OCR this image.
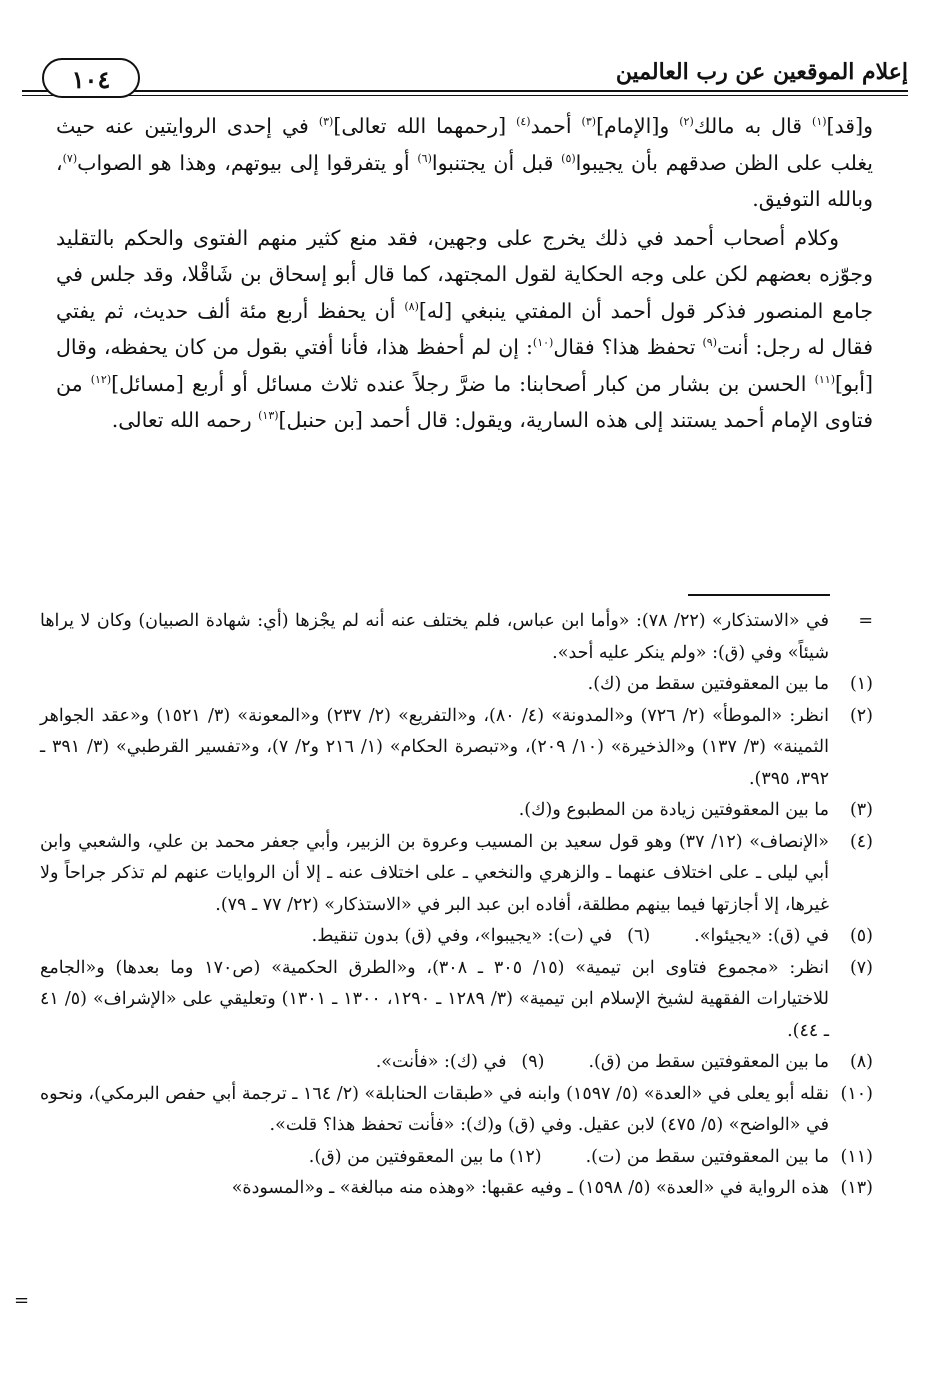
إعلام الموقعين عن رب العالمين
١٠٤

و[قد]$^{(١)}$ قال به مالك$^{(٢)}$ و[الإمام]$^{(٣)}$ أحمد$^{(٤)}$ [رحمهما الله تعالى]$^{(٣)}$ في إحدى الروايتين عنه حيث يغلب على الظن صدقهم بأن يجيبوا$^{(٥)}$ قبل أن يجتنبوا$^{(٦)}$ أو يتفرقوا إلى بيوتهم، وهذا هو الصواب$^{(٧)}$، وبالله التوفيق.

وكلام أصحاب أحمد في ذلك يخرج على وجهين، فقد منع كثير منهم الفتوى والحكم بالتقليد وجوّزه بعضهم لكن على وجه الحكاية لقول المجتهد، كما قال أبو إسحاق بن شَاقْلا، وقد جلس في جامع المنصور فذكر قول أحمد أن المفتي ينبغي [له]$^{(٨)}$ أن يحفظ أربع مئة ألف حديث، ثم يفتي فقال له رجل: أنت$^{(٩)}$ تحفظ هذا؟ فقال$^{(١٠)}$: إن لم أحفظ هذا، فأنا أفتي بقول من كان يحفظه، وقال [أبو]$^{(١١)}$ الحسن بن بشار من كبار أصحابنا: ما ضرَّ رجلاً عنده ثلاث مسائل أو أربع [مسائل]$^{(١٢)}$ من فتاوى الإمام أحمد يستند إلى هذه السارية، ويقول: قال أحمد [بن حنبل]$^{(١٣)}$ رحمه الله تعالى.

=
في «الاستذكار» (٢٢/ ٧٨): «وأما ابن عباس، فلم يختلف عنه أنه لم يجْزها (أي: شهادة الصبيان) وكان لا يراها شيئاً» وفي (ق): «ولم ينكر عليه أحد».
(١)
ما بين المعقوفتين سقط من (ك).
(٢)
انظر: «الموطأ» (٢/ ٧٢٦) و«المدونة» (٤/ ٨٠)، و«التفريع» (٢/ ٢٣٧) و«المعونة» (٣/ ١٥٢١) و«عقد الجواهر الثمينة» (٣/ ١٣٧) و«الذخيرة» (١٠/ ٢٠٩)، و«تبصرة الحكام» (١/ ٢١٦ و٢/ ٧)، و«تفسير القرطبي» (٣/ ٣٩١ ـ ٣٩٢، ٣٩٥).
(٣)
ما بين المعقوفتين زيادة من المطبوع و(ك).
(٤)
«الإنصاف» (١٢/ ٣٧) وهو قول سعيد بن المسيب وعروة بن الزبير، وأبي جعفر محمد بن علي، والشعبي وابن أبي ليلى ـ على اختلاف عنهما ـ والزهري والنخعي ـ على اختلاف عنه ـ إلا أن الروايات عنهم لم تذكر جراحاً ولا غيرها، إلا أجازتها فيما بينهم مطلقة، أفاده ابن عبد البر في «الاستذكار» (٢٢/ ٧٧ ـ ٧٩).
(٥)
في (ق): «يجيئوا».
(٦)
في (ت): «يجيبوا»، وفي (ق) بدون تنقيط.
(٧)
انظر: «مجموع فتاوى ابن تيمية» (١٥/ ٣٠٥ ـ ٣٠٨)، و«الطرق الحكمية» (ص١٧٠ وما بعدها) و«الجامع للاختيارات الفقهية لشيخ الإسلام ابن تيمية» (٣/ ١٢٨٩ ـ ١٢٩٠، ١٣٠٠ ـ ١٣٠١) وتعليقي على «الإشراف» (٥/ ٤١ ـ ٤٤).
(٨)
ما بين المعقوفتين سقط من (ق).
(٩)
في (ك): «فأنت».
(١٠)
نقله أبو يعلى في «العدة» (٥/ ١٥٩٧) وابنه في «طبقات الحنابلة» (٢/ ١٦٤ ـ ترجمة أبي حفص البرمكي)، ونحوه في «الواضح» (٥/ ٤٧٥) لابن عقيل. وفي (ق) و(ك): «فأنت تحفظ هذا؟ قلت».
(١١)
ما بين المعقوفتين سقط من (ت).
(١٢)
ما بين المعقوفتين من (ق).
(١٣)
هذه الرواية في «العدة» (٥/ ١٥٩٨) ـ وفيه عقبها: «وهذه منه مبالغة» ـ و«المسودة»
=
